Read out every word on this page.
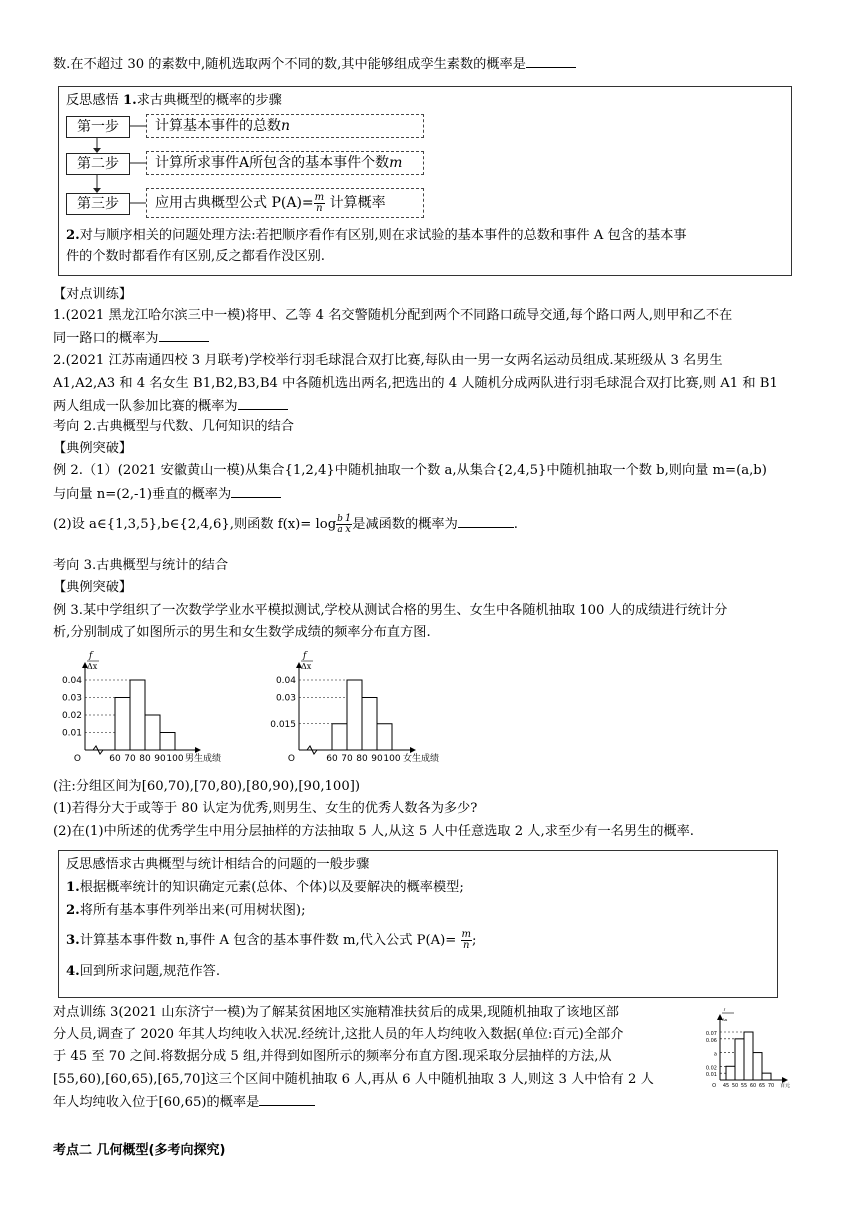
数.在不超过 30 的素数中,随机选取两个不同的数,其中能够组成孪生素数的概率是
反思感悟 1.求古典概型的概率的步骤
第一步	计算基本事件的总数n
第二步	计算所求事件A所包含的基本事件个数m
第三步	应用古典概型公式 $P(A)= \frac{m}{n}$ 计算概率
2.对与顺序相关的问题处理方法:若把顺序看作有区别,则在求试验的基本事件的总数和事件 A 包含的基本事
件的个数时都看作有区别,反之都看作没区别.
【对点训练】
1.(2021 黑龙江哈尔滨三中一模)将甲、乙等 4 名交警随机分配到两个不同路口疏导交通,每个路口两人,则甲和乙不在
同一路口的概率为
2.(2021 江苏南通四校 3 月联考)学校举行羽毛球混合双打比赛,每队由一男一女两名运动员组成.某班级从 3 名男生
A1,A2,A3 和 4 名女生 B1,B2,B3,B4 中各随机选出两名,把选出的 4 人随机分成两队进行羽毛球混合双打比赛,则 A1 和 B1
两人组成一队参加比赛的概率为
考向 2.古典概型与代数、几何知识的结合
【典例突破】
例 2.（1）(2021 安徽黄山一模)从集合{1,2,4}中随机抽取一个数 a,从集合{2,4,5}中随机抽取一个数 b,则向量 m=(a,b)
与向量 n=(2,-1)垂直的概率为
(2)设 a∈{1,3,5},b∈{2,4,6},则函数 $f(x)= \log \frac{b}{a} \frac{1}{x}$ 是减函数的概率为	.
考向 3.古典概型与统计的结合
【典例突破】
例 3.某中学组织了一次数学学业水平模拟测试,学校从测试合格的男生、女生中各随机抽取 100 人的成绩进行统计分
析,分别制成了如图所示的男生和女生数学成绩的频率分布直方图.
f
Δx
0.01
0.02
0.03
0.04
O	60 70 80 90 100 男生成绩
f
Δx
0.015
0.03
0.04
O	60 70 80 90 100 女生成绩
(注:分组区间为[60,70),[70,80),[80,90),[90,100])
(1)若得分大于或等于 80 认定为优秀,则男生、女生的优秀人数各为多少?
(2)在(1)中所述的优秀学生中用分层抽样的方法抽取 5 人,从这 5 人中任意选取 2 人,求至少有一名男生的概率.
反思感悟求古典概型与统计相结合的问题的一般步骤
1.根据概率统计的知识确定元素(总体、个体)以及要解决的概率模型;
2.将所有基本事件列举出来(可用树状图);
3.计算基本事件数 n,事件 A 包含的基本事件数 m,代入公式 $P(A)= \frac{m}{n}$ ;
4.回到所求问题,规范作答.
对点训练 3(2021 山东济宁一模)为了解某贫困地区实施精准扶贫后的成果,现随机抽取了该地区部
分人员,调查了 2020 年其人均纯收入状况.经统计,这批人员的年人均纯收入数据(单位:百元)全部介
于 45 至 70 之间.将数据分成 5 组,并得到如图所示的频率分布直方图.现采取分层抽样的方法,从
[55,60),[60,65),[65,70]这三个区间中随机抽取 6 人,再从 6 人中随机抽取 3 人,则这 3 人中恰有 2 人
年人均纯收入位于[60,65)的概率是
f
Δx
0.07
0.06
a
0.02
0.01
O 45 50 55 60 65 70 百元
考点二 几何概型(多考向探究)
